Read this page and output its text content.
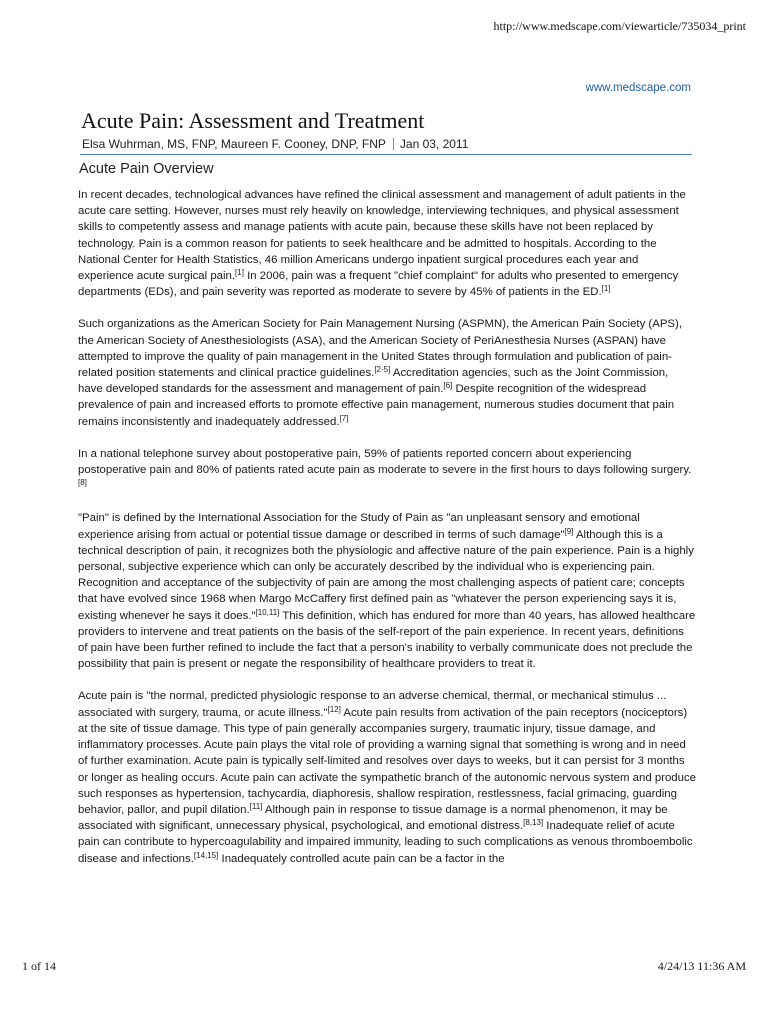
http://www.medscape.com/viewarticle/735034_print
www.medscape.com
Acute Pain: Assessment and Treatment
Elsa Wuhrman, MS, FNP, Maureen F. Cooney, DNP, FNP Jan 03, 2011
Acute Pain Overview

In recent decades, technological advances have refined the clinical assessment and management of adult patients in the acute care setting. However, nurses must rely heavily on knowledge, interviewing techniques, and physical assessment skills to competently assess and manage patients with acute pain, because these skills have not been replaced by technology. Pain is a common reason for patients to seek healthcare and be admitted to hospitals. According to the National Center for Health Statistics, 46 million Americans undergo inpatient surgical procedures each year and experience acute surgical pain.[1] In 2006, pain was a frequent "chief complaint" for adults who presented to emergency departments (EDs), and pain severity was reported as moderate to severe by 45% of patients in the ED.[1]

Such organizations as the American Society for Pain Management Nursing (ASPMN), the American Pain Society (APS), the American Society of Anesthesiologists (ASA), and the American Society of PeriAnesthesia Nurses (ASPAN) have attempted to improve the quality of pain management in the United States through formulation and publication of pain-related position statements and clinical practice guidelines.[2-5] Accreditation agencies, such as the Joint Commission, have developed standards for the assessment and management of pain.[6] Despite recognition of the widespread prevalence of pain and increased efforts to promote effective pain management, numerous studies document that pain remains inconsistently and inadequately addressed.[7]

In a national telephone survey about postoperative pain, 59% of patients reported concern about experiencing postoperative pain and 80% of patients rated acute pain as moderate to severe in the first hours to days following surgery.[8]

"Pain" is defined by the International Association for the Study of Pain as "an unpleasant sensory and emotional experience arising from actual or potential tissue damage or described in terms of such damage"[9] Although this is a technical description of pain, it recognizes both the physiologic and affective nature of the pain experience. Pain is a highly personal, subjective experience which can only be accurately described by the individual who is experiencing pain. Recognition and acceptance of the subjectivity of pain are among the most challenging aspects of patient care; concepts that have evolved since 1968 when Margo McCaffery first defined pain as "whatever the person experiencing says it is, existing whenever he says it does."[10,11] This definition, which has endured for more than 40 years, has allowed healthcare providers to intervene and treat patients on the basis of the self-report of the pain experience. In recent years, definitions of pain have been further refined to include the fact that a person's inability to verbally communicate does not preclude the possibility that pain is present or negate the responsibility of healthcare providers to treat it.

Acute pain is "the normal, predicted physiologic response to an adverse chemical, thermal, or mechanical stimulus ... associated with surgery, trauma, or acute illness."[12] Acute pain results from activation of the pain receptors (nociceptors) at the site of tissue damage. This type of pain generally accompanies surgery, traumatic injury, tissue damage, and inflammatory processes. Acute pain plays the vital role of providing a warning signal that something is wrong and in need of further examination. Acute pain is typically self-limited and resolves over days to weeks, but it can persist for 3 months or longer as healing occurs. Acute pain can activate the sympathetic branch of the autonomic nervous system and produce such responses as hypertension, tachycardia, diaphoresis, shallow respiration, restlessness, facial grimacing, guarding behavior, pallor, and pupil dilation.[11] Although pain in response to tissue damage is a normal phenomenon, it may be associated with significant, unnecessary physical, psychological, and emotional distress.[8,13] Inadequate relief of acute pain can contribute to hypercoagulability and impaired immunity, leading to such complications as venous thromboembolic disease and infections.[14,15] Inadequately controlled acute pain can be a factor in the

1 of 14	4/24/13 11:36 AM
